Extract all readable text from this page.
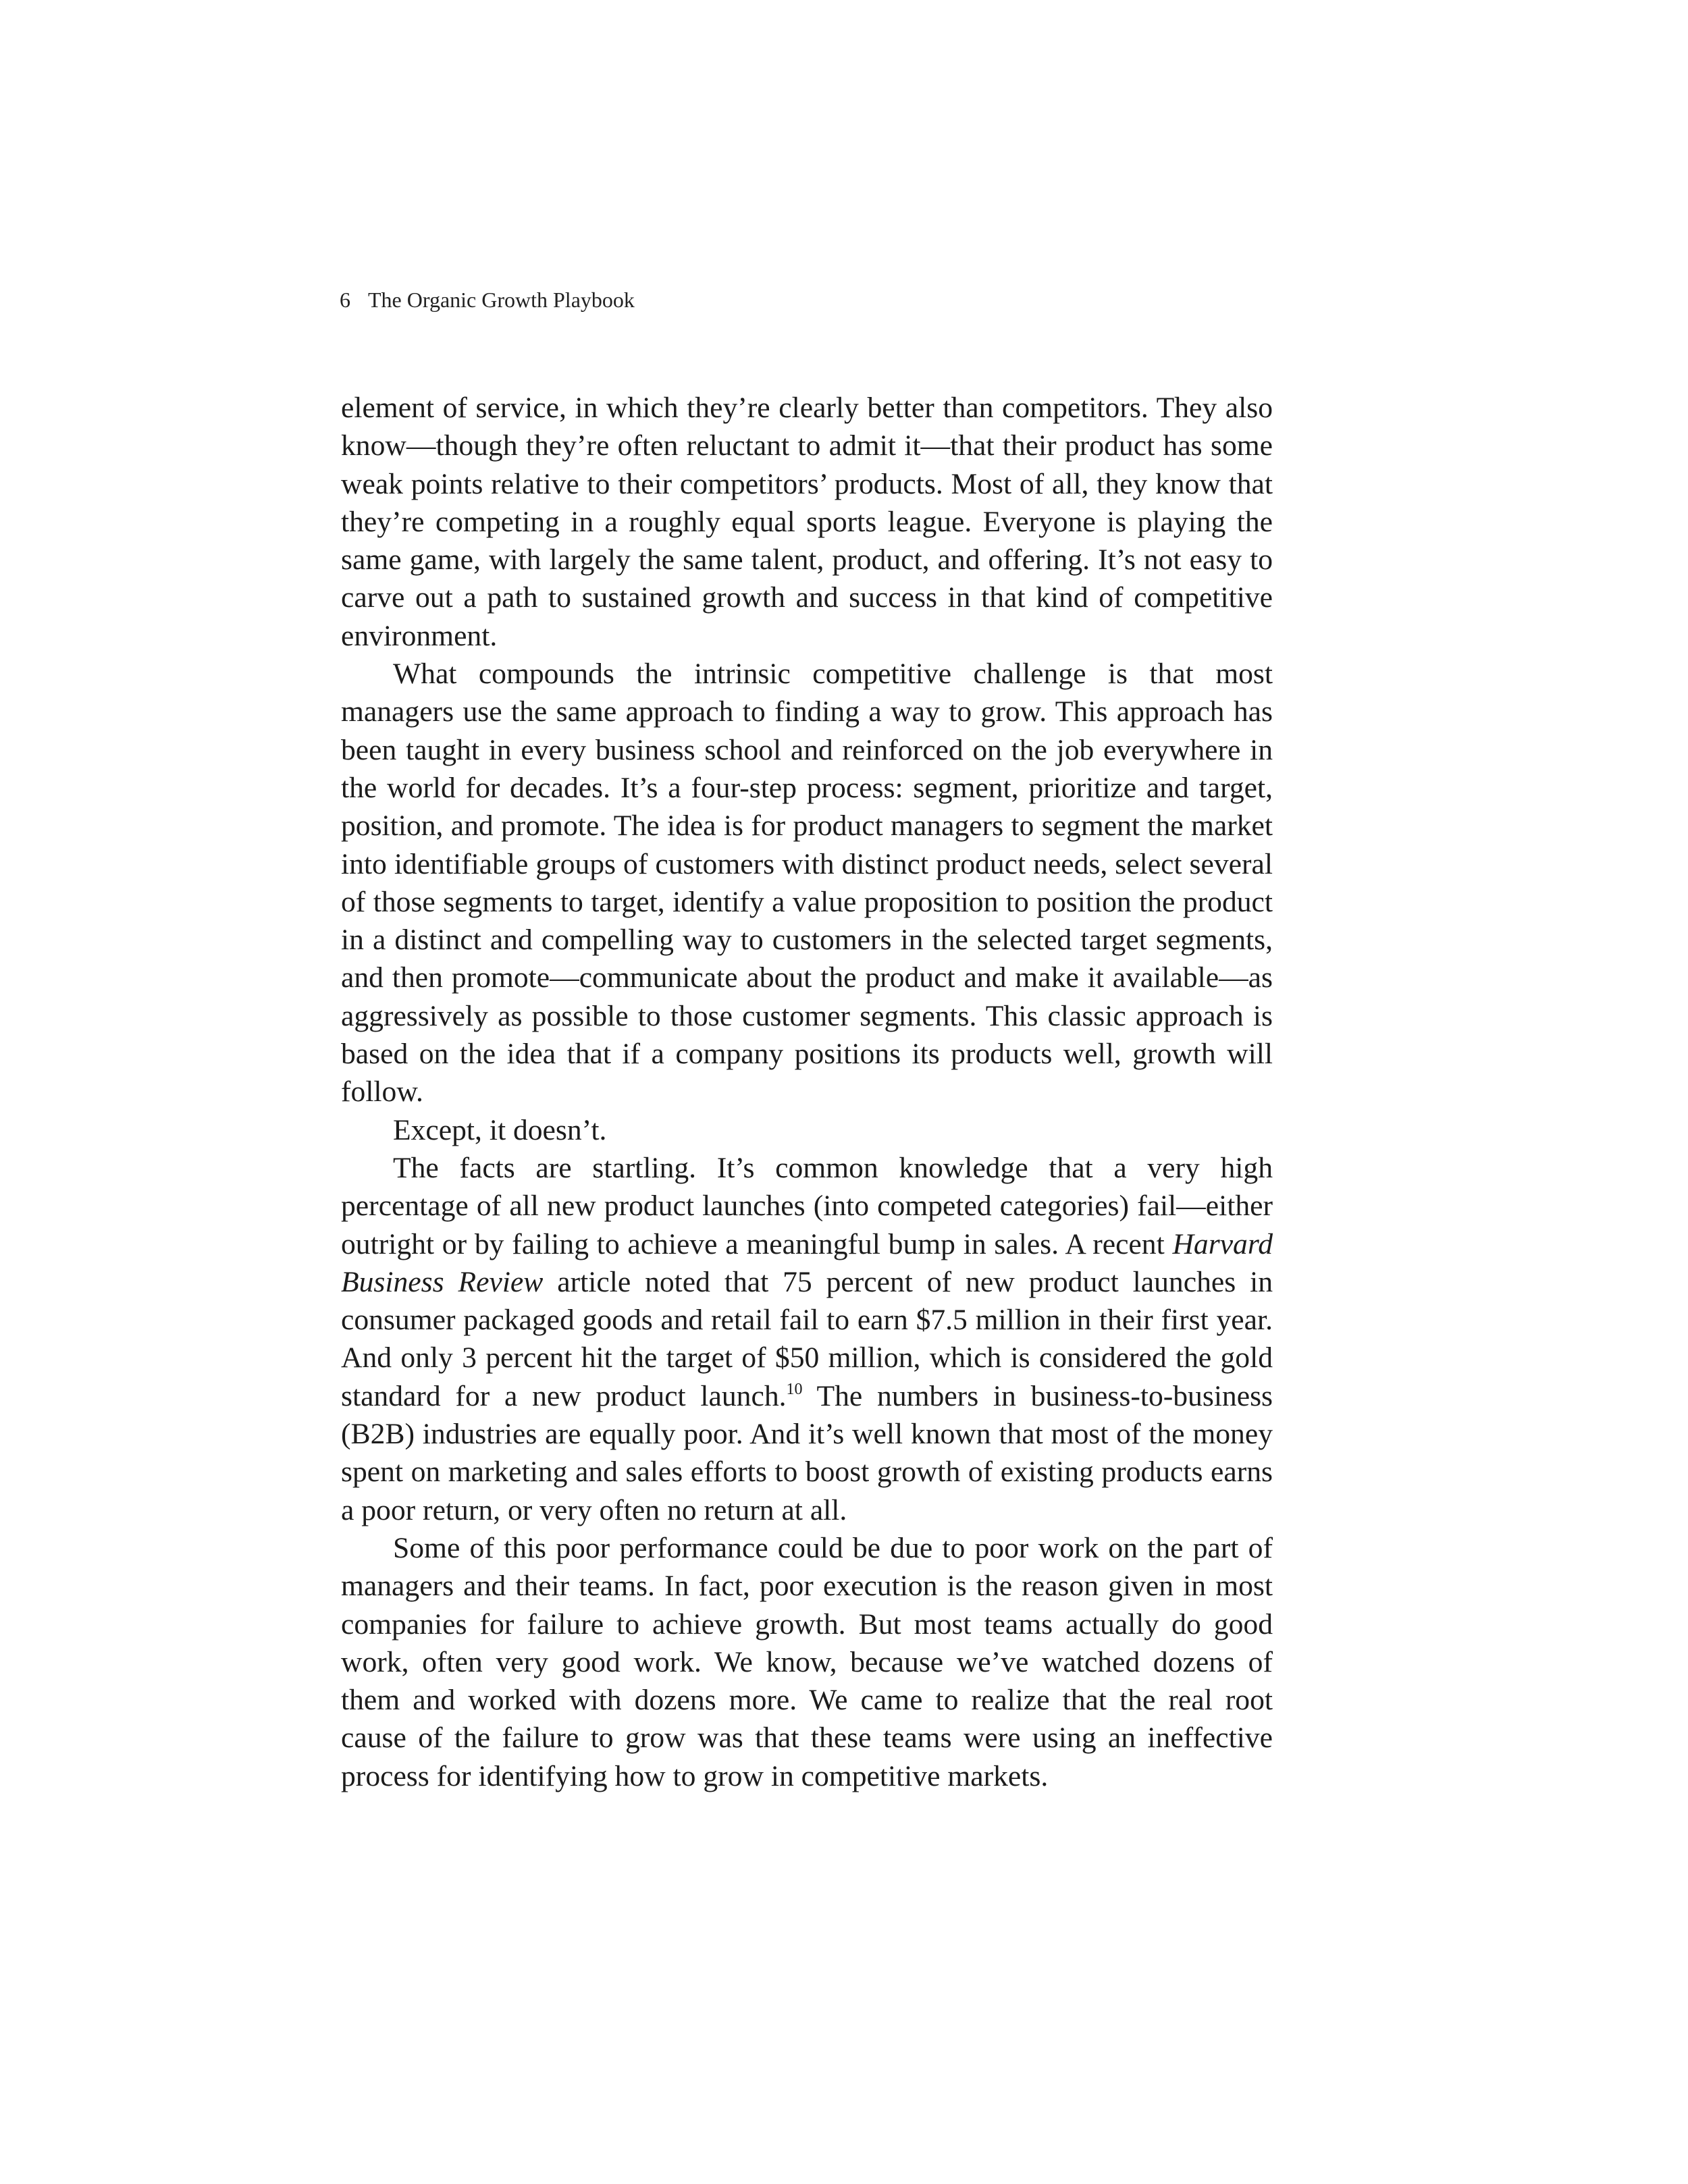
6 The Organic Growth Playbook

element of service, in which they’re clearly better than competitors. They also know—though they’re often reluctant to admit it—that their product has some weak points relative to their competitors’ products. Most of all, they know that they’re competing in a roughly equal sports league. Everyone is playing the same game, with largely the same talent, product, and offering. It’s not easy to carve out a path to sustained growth and success in that kind of competitive environment.

What compounds the intrinsic competitive challenge is that most managers use the same approach to finding a way to grow. This approach has been taught in every business school and reinforced on the job everywhere in the world for decades. It’s a four-step process: segment, prioritize and target, position, and promote. The idea is for product managers to segment the market into identifiable groups of customers with distinct product needs, select several of those segments to target, identify a value proposition to position the product in a distinct and compelling way to customers in the selected target segments, and then promote—communicate about the product and make it available—as aggressively as possible to those customer segments. This classic approach is based on the idea that if a company positions its products well, growth will follow.

Except, it doesn’t.

The facts are startling. It’s common knowledge that a very high percentage of all new product launches (into competed categories) fail—either outright or by failing to achieve a meaningful bump in sales. A recent Harvard Business Review article noted that 75 percent of new product launches in consumer packaged goods and retail fail to earn $7.5 million in their first year. And only 3 percent hit the target of $50 million, which is considered the gold standard for a new product launch.$^{10}$ The numbers in business-to-business (B2B) industries are equally poor. And it’s well known that most of the money spent on marketing and sales efforts to boost growth of existing products earns a poor return, or very often no return at all.

Some of this poor performance could be due to poor work on the part of managers and their teams. In fact, poor execution is the reason given in most companies for failure to achieve growth. But most teams actually do good work, often very good work. We know, because we’ve watched dozens of them and worked with dozens more. We came to realize that the real root cause of the failure to grow was that these teams were using an ineffective process for identifying how to grow in competitive markets.
